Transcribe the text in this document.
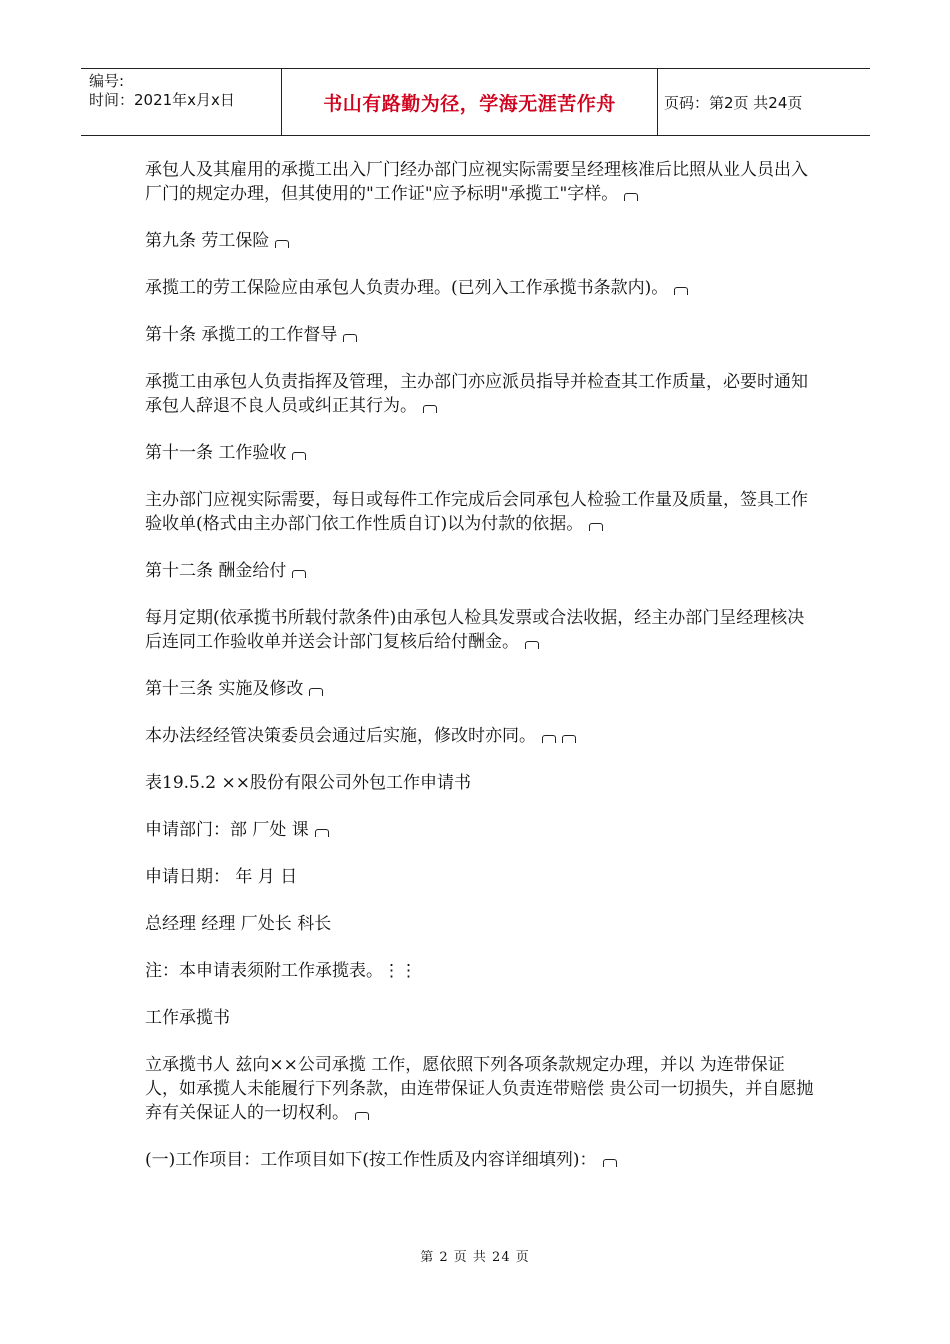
编号:
时间：2021年x月x日	书山有路勤为径，学海无涯苦作舟	页码：第2页 共24页
承包人及其雇用的承揽工出入厂门经办部门应视实际需要呈经理核准后比照从业人员出入厂门的规定办理，但其使用的"工作证"应予标明"承揽工"字样。
第九条 劳工保险
承揽工的劳工保险应由承包人负责办理。(已列入工作承揽书条款内)。
第十条 承揽工的工作督导
承揽工由承包人负责指挥及管理，主办部门亦应派员指导并检查其工作质量，必要时通知承包人辞退不良人员或纠正其行为。
第十一条 工作验收
主办部门应视实际需要，每日或每件工作完成后会同承包人检验工作量及质量，签具工作验收单(格式由主办部门依工作性质自订)以为付款的依据。
第十二条 酬金给付
每月定期(依承揽书所载付款条件)由承包人检具发票或合法收据，经主办部门呈经理核决后连同工作验收单并送会计部门复核后给付酬金。
第十三条 实施及修改
本办法经经管决策委员会通过后实施，修改时亦同。
表19.5.2 ××股份有限公司外包工作申请书
申请部门：部 厂处 课
申请日期： 年 月 日
总经理 经理 厂处长 科长
注：本申请表须附工作承揽表。⋮⋮
工作承揽书
立承揽书人 兹向××公司承揽 工作，愿依照下列各项条款规定办理，并以 为连带保证人，如承揽人未能履行下列条款，由连带保证人负责连带赔偿 贵公司一切损失，并自愿抛弃有关保证人的一切权利。
(一)工作项目：工作项目如下(按工作性质及内容详细填列)：
第 2 页 共 24 页
